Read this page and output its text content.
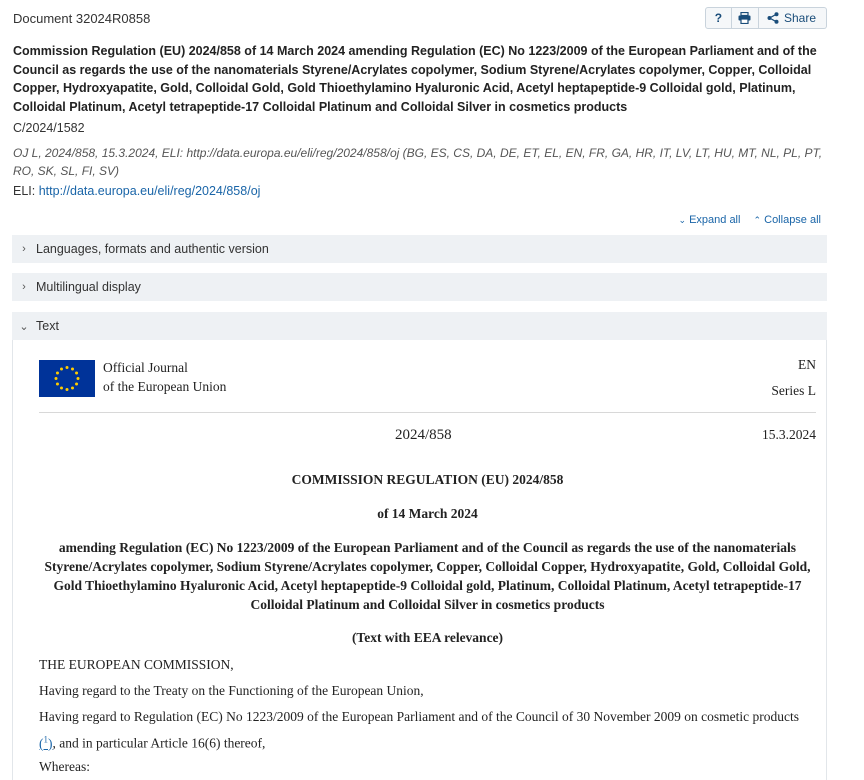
Document 32024R0858	?	Share
Commission Regulation (EU) 2024/858 of 14 March 2024 amending Regulation (EC) No 1223/2009 of the European Parliament and of the Council as regards the use of the nanomaterials Styrene/Acrylates copolymer, Sodium Styrene/Acrylates copolymer, Copper, Colloidal Copper, Hydroxyapatite, Gold, Colloidal Gold, Gold Thioethylamino Hyaluronic Acid, Acetyl heptapeptide-9 Colloidal gold, Platinum, Colloidal Platinum, Acetyl tetrapeptide-17 Colloidal Platinum and Colloidal Silver in cosmetics products
C/2024/1582
OJ L, 2024/858, 15.3.2024, ELI: http://data.europa.eu/eli/reg/2024/858/oj (BG, ES, CS, DA, DE, ET, EL, EN, FR, GA, HR, IT, LV, LT, HU, MT, NL, PL, PT, RO, SK, SL, FI, SV)
ELI: http://data.europa.eu/eli/reg/2024/858/oj
⌄ Expand all ⌃ Collapse all
› Languages, formats and authentic version
› Multilingual display
⌄ Text
Official Journal
of the European Union
EN
Series L
2024/858	15.3.2024
COMMISSION REGULATION (EU) 2024/858
of 14 March 2024
amending Regulation (EC) No 1223/2009 of the European Parliament and of the Council as regards the use of the nanomaterials Styrene/Acrylates copolymer, Sodium Styrene/Acrylates copolymer, Copper, Colloidal Copper, Hydroxyapatite, Gold, Colloidal Gold, Gold Thioethylamino Hyaluronic Acid, Acetyl heptapeptide-9 Colloidal gold, Platinum, Colloidal Platinum, Acetyl tetrapeptide-17 Colloidal Platinum and Colloidal Silver in cosmetics products
(Text with EEA relevance)
THE EUROPEAN COMMISSION,
Having regard to the Treaty on the Functioning of the European Union,
Having regard to Regulation (EC) No 1223/2009 of the European Parliament and of the Council of 30 November 2009 on cosmetic products ($^1$), and in particular Article 16(6) thereof,
Whereas:
